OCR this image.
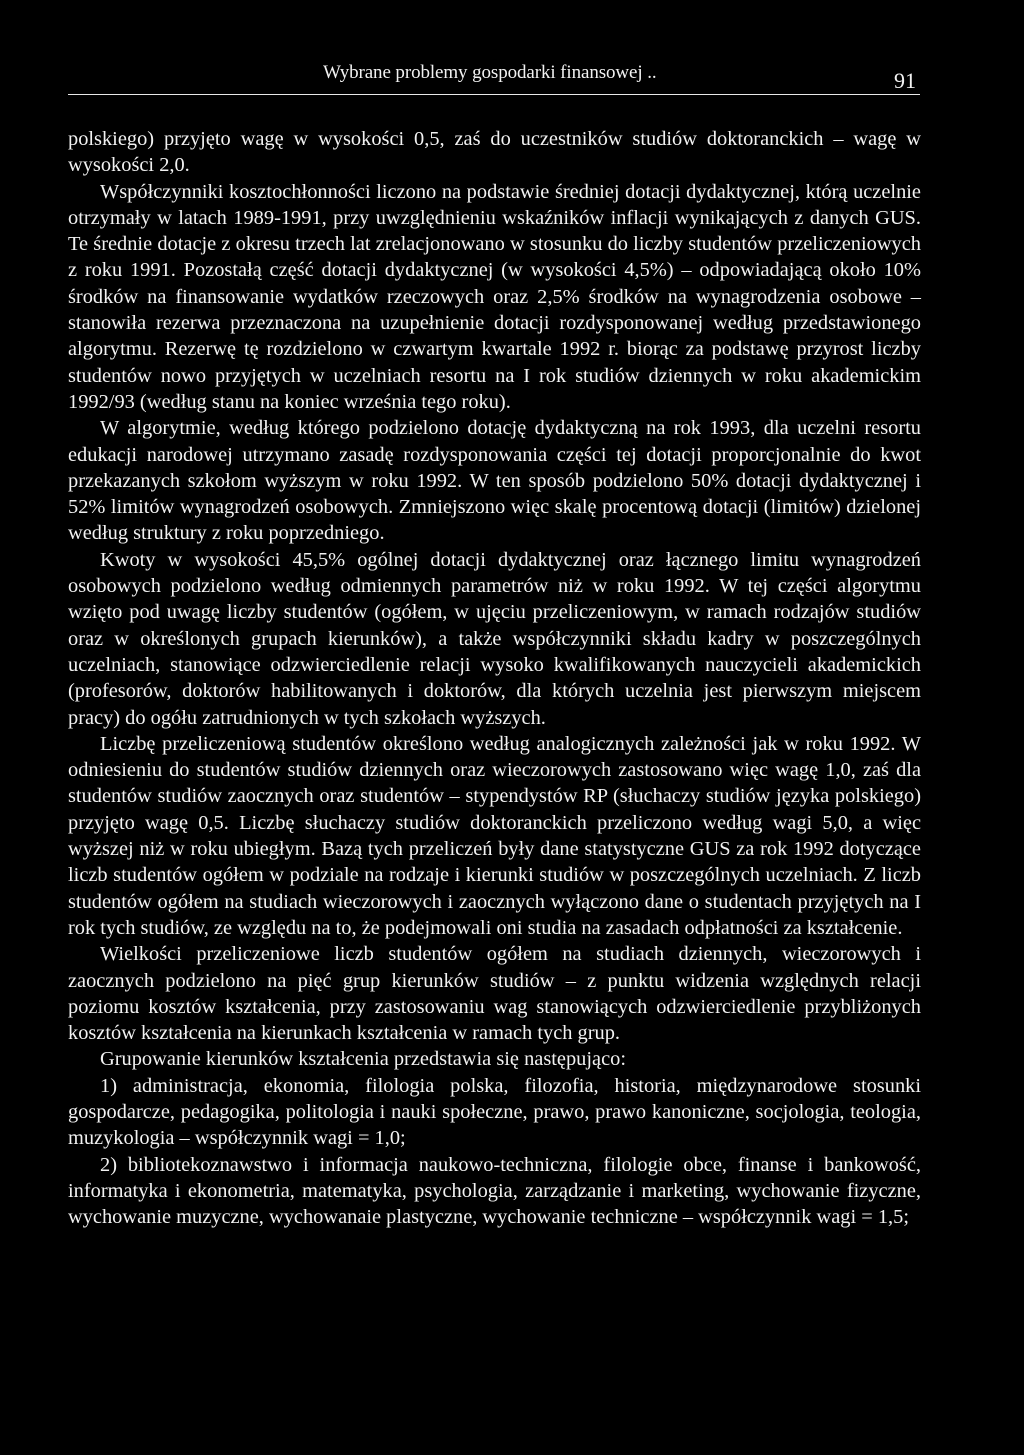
Wybrane problemy gospodarki finansowej ..	91

polskiego) przyjęto wagę w wysokości 0,5, zaś do uczestników studiów doktoranckich – wagę w wysokości 2,0.

Współczynniki kosztochłonności liczono na podstawie średniej dotacji dydaktycznej, którą uczelnie otrzymały w latach 1989-1991, przy uwzględnieniu wskaźników inflacji wynikających z danych GUS. Te średnie dotacje z okresu trzech lat zrelacjonowano w stosunku do liczby studentów przeliczeniowych z roku 1991. Pozostałą część dotacji dydaktycznej (w wysokości 4,5%) – odpowiadającą około 10% środków na finansowanie wydatków rzeczowych oraz 2,5% środków na wynagrodzenia osobowe – stanowiła rezerwa przeznaczona na uzupełnienie dotacji rozdysponowanej według przedstawionego algorytmu. Rezerwę tę rozdzielono w czwartym kwartale 1992 r. biorąc za podstawę przyrost liczby studentów nowo przyjętych w uczelniach resortu na I rok studiów dziennych w roku akademickim 1992/93 (według stanu na koniec września tego roku).

W algorytmie, według którego podzielono dotację dydaktyczną na rok 1993, dla uczelni resortu edukacji narodowej utrzymano zasadę rozdysponowania części tej dotacji proporcjonalnie do kwot przekazanych szkołom wyższym w roku 1992. W ten sposób podzielono 50% dotacji dydaktycznej i 52% limitów wynagrodzeń osobowych. Zmniejszono więc skalę procentową dotacji (limitów) dzielonej według struktury z roku poprzedniego.

Kwoty w wysokości 45,5% ogólnej dotacji dydaktycznej oraz łącznego limitu wynagrodzeń osobowych podzielono według odmiennych parametrów niż w roku 1992. W tej części algorytmu wzięto pod uwagę liczby studentów (ogółem, w ujęciu przeliczeniowym, w ramach rodzajów studiów oraz w określonych grupach kierunków), a także współczynniki składu kadry w poszczególnych uczelniach, stanowiące odzwierciedlenie relacji wysoko kwalifikowanych nauczycieli akademickich (profesorów, doktorów habilitowanych i doktorów, dla których uczelnia jest pierwszym miejscem pracy) do ogółu zatrudnionych w tych szkołach wyższych.

Liczbę przeliczeniową studentów określono według analogicznych zależności jak w roku 1992. W odniesieniu do studentów studiów dziennych oraz wieczorowych zastosowano więc wagę 1,0, zaś dla studentów studiów zaocznych oraz studentów – stypendystów RP (słuchaczy studiów języka polskiego) przyjęto wagę 0,5. Liczbę słuchaczy studiów doktoranckich przeliczono według wagi 5,0, a więc wyższej niż w roku ubiegłym. Bazą tych przeliczeń były dane statystyczne GUS za rok 1992 dotyczące liczb studentów ogółem w podziale na rodzaje i kierunki studiów w poszczególnych uczelniach. Z liczb studentów ogółem na studiach wieczorowych i zaocznych wyłączono dane o studentach przyjętych na I rok tych studiów, ze względu na to, że podejmowali oni studia na zasadach odpłatności za kształcenie.

Wielkości przeliczeniowe liczb studentów ogółem na studiach dziennych, wieczorowych i zaocznych podzielono na pięć grup kierunków studiów – z punktu widzenia względnych relacji poziomu kosztów kształcenia, przy zastosowaniu wag stanowiących odzwierciedlenie przybliżonych kosztów kształcenia na kierunkach kształcenia w ramach tych grup.

Grupowanie kierunków kształcenia przedstawia się następująco:

1) administracja, ekonomia, filologia polska, filozofia, historia, międzynarodowe stosunki gospodarcze, pedagogika, politologia i nauki społeczne, prawo, prawo kanoniczne, socjologia, teologia, muzykologia – współczynnik wagi = 1,0;

2) bibliotekoznawstwo i informacja naukowo-techniczna, filologie obce, finanse i bankowość, informatyka i ekonometria, matematyka, psychologia, zarządzanie i marketing, wychowanie fizyczne, wychowanie muzyczne, wychowanaie plastyczne, wychowanie techniczne – współczynnik wagi = 1,5;
